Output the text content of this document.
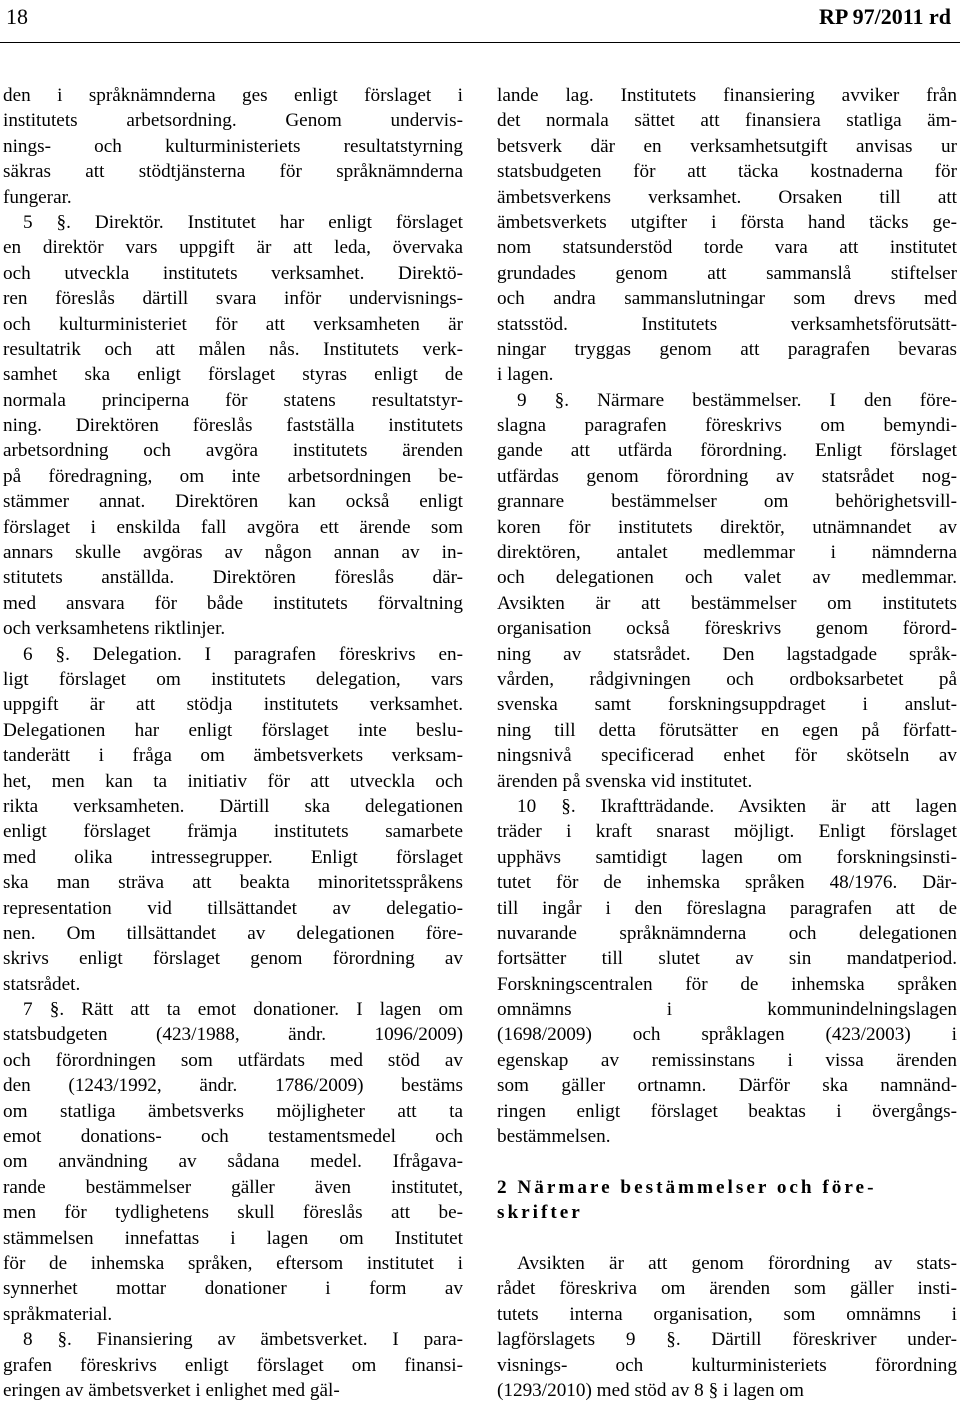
18	RP 97/2011 rd
den i språknämnderna ges enligt förslaget i
institutets arbetsordning. Genom undervis-
nings- och kulturministeriets resultatstyrning
säkras att stödtjänsterna för språknämnderna
fungerar.
5 §. Direktör. Institutet har enligt förslaget
en direktör vars uppgift är att leda, övervaka
och utveckla institutets verksamhet. Direktö-
ren föreslås därtill svara inför undervisnings-
och kulturministeriet för att verksamheten är
resultatrik och att målen nås. Institutets verk-
samhet ska enligt förslaget styras enligt de
normala principerna för statens resultatstyr-
ning. Direktören föreslås fastställa institutets
arbetsordning och avgöra institutets ärenden
på föredragning, om inte arbetsordningen be-
stämmer annat. Direktören kan också enligt
förslaget i enskilda fall avgöra ett ärende som
annars skulle avgöras av någon annan av in-
stitutets anställda. Direktören föreslås där-
med ansvara för både institutets förvaltning
och verksamhetens riktlinjer.
6 §. Delegation. I paragrafen föreskrivs en-
ligt förslaget om institutets delegation, vars
uppgift är att stödja institutets verksamhet.
Delegationen har enligt förslaget inte beslu-
tanderätt i fråga om ämbetsverkets verksam-
het, men kan ta initiativ för att utveckla och
rikta verksamheten. Därtill ska delegationen
enligt förslaget främja institutets samarbete
med olika intressegrupper. Enligt förslaget
ska man sträva att beakta minoritetsspråkens
representation vid tillsättandet av delegatio-
nen. Om tillsättandet av delegationen före-
skrivs enligt förslaget genom förordning av
statsrådet.
7 §. Rätt att ta emot donationer. I lagen om
statsbudgeten (423/1988, ändr. 1096/2009)
och förordningen som utfärdats med stöd av
den (1243/1992, ändr. 1786/2009) bestäms
om statliga ämbetsverks möjligheter att ta
emot donations- och testamentsmedel och
om användning av sådana medel. Ifrågava-
rande bestämmelser gäller även institutet,
men för tydlighetens skull föreslås att be-
stämmelsen innefattas i lagen om Institutet
för de inhemska språken, eftersom institutet i
synnerhet mottar donationer i form av
språkmaterial.
8 §. Finansiering av ämbetsverket. I para-
grafen föreskrivs enligt förslaget om finansi-
eringen av ämbetsverket i enlighet med gäl-
lande lag. Institutets finansiering avviker från
det normala sättet att finansiera statliga äm-
betsverk där en verksamhetsutgift anvisas ur
statsbudgeten för att täcka kostnaderna för
ämbetsverkens verksamhet. Orsaken till att
ämbetsverkets utgifter i första hand täcks ge-
nom statsunderstöd torde vara att institutet
grundades genom att sammanslå stiftelser
och andra sammanslutningar som drevs med
statsstöd. Institutets verksamhetsförutsätt-
ningar tryggas genom att paragrafen bevaras
i lagen.
9 §. Närmare bestämmelser. I den före-
slagna paragrafen föreskrivs om bemyndi-
gande att utfärda förordning. Enligt förslaget
utfärdas genom förordning av statsrådet nog-
grannare bestämmelser om behörighetsvill-
koren för institutets direktör, utnämnandet av
direktören, antalet medlemmar i nämnderna
och delegationen och valet av medlemmar.
Avsikten är att bestämmelser om institutets
organisation också föreskrivs genom förord-
ning av statsrådet. Den lagstadgade språk-
vården, rådgivningen och ordboksarbetet på
svenska samt forskningsuppdraget i anslut-
ning till detta förutsätter en egen på författ-
ningsnivå specificerad enhet för skötseln av
ärenden på svenska vid institutet.
10 §. Ikraftträdande. Avsikten är att lagen
träder i kraft snarast möjligt. Enligt förslaget
upphävs samtidigt lagen om forskningsinsti-
tutet för de inhemska språken 48/1976. Där-
till ingår i den föreslagna paragrafen att de
nuvarande språknämnderna och delegationen
fortsätter till slutet av sin mandatperiod.
Forskningscentralen för de inhemska språken
omnämns i kommunindelningslagen
(1698/2009) och språklagen (423/2003) i
egenskap av remissinstans i vissa ärenden
som gäller ortnamn. Därför ska namnänd-
ringen enligt förslaget beaktas i övergångs-
bestämmelsen.
2 Närmare bestämmelser och före-
skrifter
Avsikten är att genom förordning av stats-
rådet föreskriva om ärenden som gäller insti-
tutets interna organisation, som omnämns i
lagförslagets 9 §. Därtill föreskriver under-
visnings- och kulturministeriets förordning
(1293/2010) med stöd av 8 § i lagen om
